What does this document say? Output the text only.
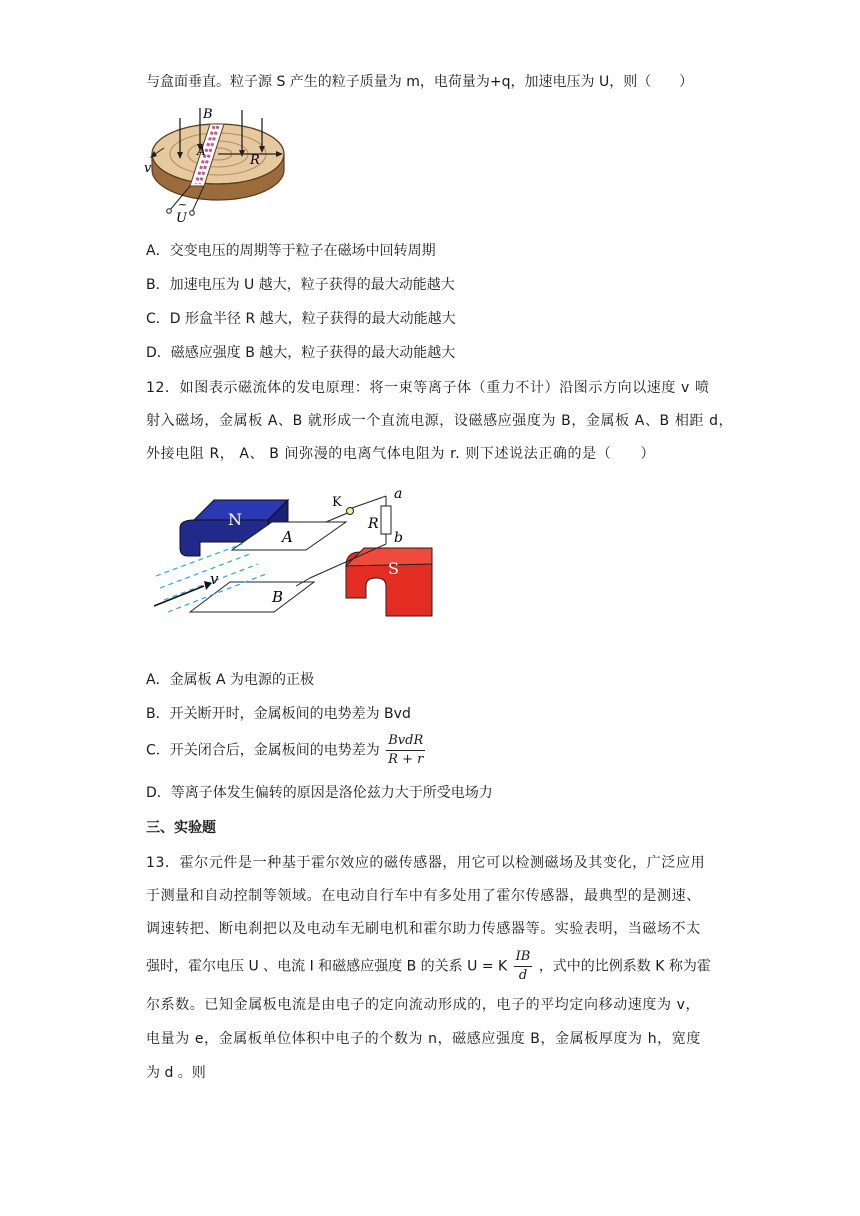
与盒面垂直。粒子源 S 产生的粒子质量为 m，电荷量为+q，加速电压为 U，则（　　）
B
A
R
v
~
U
A．交变电压的周期等于粒子在磁场中回转周期
B．加速电压为 U 越大，粒子获得的最大动能越大
C．D 形盒半径 R 越大，粒子获得的最大动能越大
D．磁感应强度 B 越大，粒子获得的最大动能越大
12．如图表示磁流体的发电原理：将一束等离子体（重力不计）沿图示方向以速度 v 喷
射入磁场，金属板 A、B 就形成一个直流电源，设磁感应强度为 B，金属板 A、B 相距 d，
外接电阻 R， A、 B 间弥漫的电离气体电阻为 r. 则下述说法正确的是（　　）
N
A
B
S
K
R
a
b
v
A．金属板 A 为电源的正极
B．开关断开时，金属板间的电势差为 Bvd
C．开关闭合后，金属板间的电势差为 $\frac{\text{BvdR}}{R + r}$
D．等离子体发生偏转的原因是洛伦兹力大于所受电场力
三、实验题
13．霍尔元件是一种基于霍尔效应的磁传感器，用它可以检测磁场及其变化，广泛应用
于测量和自动控制等领域。在电动自行车中有多处用了霍尔传感器，最典型的是测速、
调速转把、断电刹把以及电动车无刷电机和霍尔助力传感器等。实验表明，当磁场不太
强时，霍尔电压 U 、电流 I 和磁感应强度 B 的关系 U = K $\frac{IB}{d}$ ，式中的比例系数 K 称为霍
尔系数。已知金属板电流是由电子的定向流动形成的，电子的平均定向移动速度为 v，
电量为 e，金属板单位体积中电子的个数为 n，磁感应强度 B，金属板厚度为 h，宽度
为 d 。则
